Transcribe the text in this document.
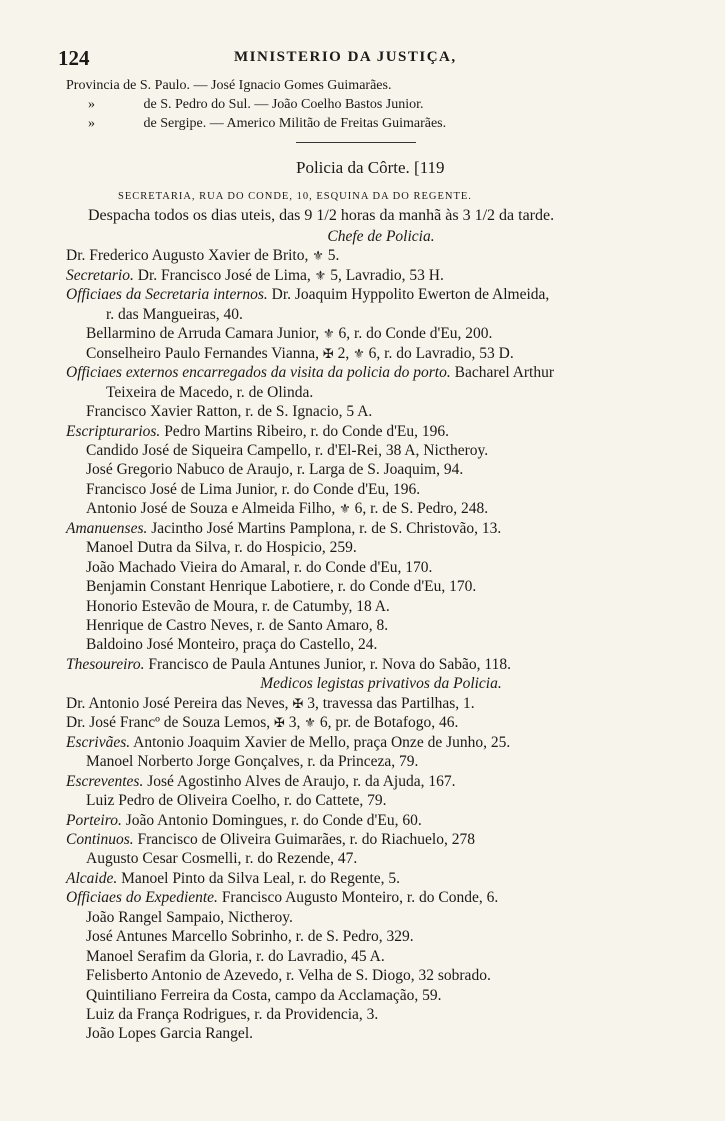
124	MINISTERIO DA JUSTIÇA,
Provincia de S. Paulo. — José Ignacio Gomes Guimarães.
»	de S. Pedro do Sul. — João Coelho Bastos Junior.
»	de Sergipe. — Americo Militão de Freitas Guimarães.
Policia da Côrte. [119
SECRETARIA, RUA DO CONDE, 10, ESQUINA DA DO REGENTE.
Despacha todos os dias uteis, das 9 1/2 horas da manhã às 3 1/2 da tarde.
Chefe de Policia.
Dr. Frederico Augusto Xavier de Brito, ⚜ 5.
Secretario. Dr. Francisco José de Lima, ⚜ 5, Lavradio, 53 H.
Officiaes da Secretaria internos. Dr. Joaquim Hyppolito Ewerton de Almeida,
r. das Mangueiras, 40.
Bellarmino de Arruda Camara Junior, ⚜ 6, r. do Conde d'Eu, 200.
Conselheiro Paulo Fernandes Vianna, ✠ 2, ⚜ 6, r. do Lavradio, 53 D.
Officiaes externos encarregados da visita da policia do porto. Bacharel Arthur
Teixeira de Macedo, r. de Olinda.
Francisco Xavier Ratton, r. de S. Ignacio, 5 A.
Escripturarios. Pedro Martins Ribeiro, r. do Conde d'Eu, 196.
Candido José de Siqueira Campello, r. d'El-Rei, 38 A, Nictheroy.
José Gregorio Nabuco de Araujo, r. Larga de S. Joaquim, 94.
Francisco José de Lima Junior, r. do Conde d'Eu, 196.
Antonio José de Souza e Almeida Filho, ⚜ 6, r. de S. Pedro, 248.
Amanuenses. Jacintho José Martins Pamplona, r. de S. Christovão, 13.
Manoel Dutra da Silva, r. do Hospicio, 259.
João Machado Vieira do Amaral, r. do Conde d'Eu, 170.
Benjamin Constant Henrique Labotiere, r. do Conde d'Eu, 170.
Honorio Estevão de Moura, r. de Catumby, 18 A.
Henrique de Castro Neves, r. de Santo Amaro, 8.
Baldoino José Monteiro, praça do Castello, 24.
Thesoureiro. Francisco de Paula Antunes Junior, r. Nova do Sabão, 118.
Medicos legistas privativos da Policia.
Dr. Antonio José Pereira das Neves, ✠ 3, travessa das Partilhas, 1.
Dr. José Francº de Souza Lemos, ✠ 3, ⚜ 6, pr. de Botafogo, 46.
Escrivães. Antonio Joaquim Xavier de Mello, praça Onze de Junho, 25.
Manoel Norberto Jorge Gonçalves, r. da Princeza, 79.
Escreventes. José Agostinho Alves de Araujo, r. da Ajuda, 167.
Luiz Pedro de Oliveira Coelho, r. do Cattete, 79.
Porteiro. João Antonio Domingues, r. do Conde d'Eu, 60.
Continuos. Francisco de Oliveira Guimarães, r. do Riachuelo, 278
Augusto Cesar Cosmelli, r. do Rezende, 47.
Alcaide. Manoel Pinto da Silva Leal, r. do Regente, 5.
Officiaes do Expediente. Francisco Augusto Monteiro, r. do Conde, 6.
João Rangel Sampaio, Nictheroy.
José Antunes Marcello Sobrinho, r. de S. Pedro, 329.
Manoel Serafim da Gloria, r. do Lavradio, 45 A.
Felisberto Antonio de Azevedo, r. Velha de S. Diogo, 32 sobrado.
Quintiliano Ferreira da Costa, campo da Acclamação, 59.
Luiz da França Rodrigues, r. da Providencia, 3.
João Lopes Garcia Rangel.
